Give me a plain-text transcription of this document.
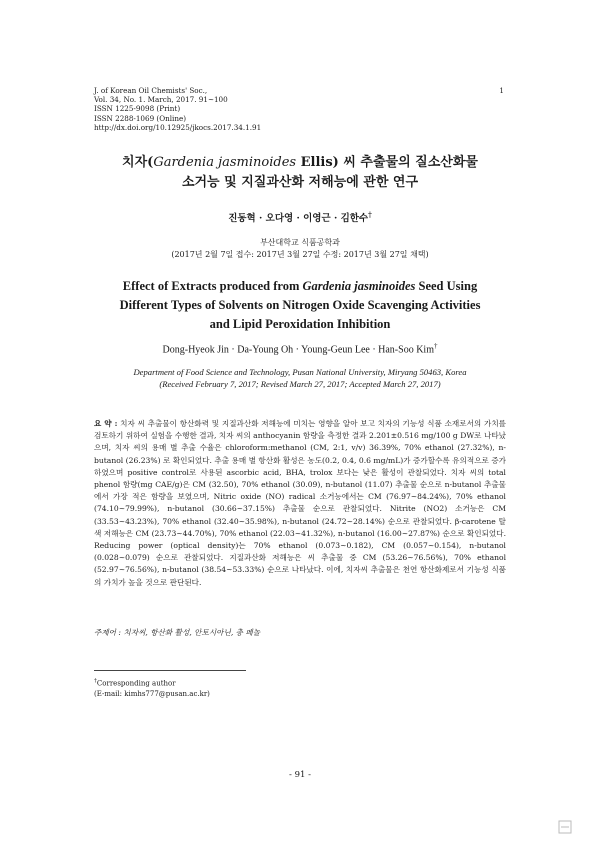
J. of Korean Oil Chemists' Soc.,
Vol. 34, No. 1. March, 2017. 91~100
ISSN 1225-9098 (Print)
ISSN 2288-1069 (Online)
http://dx.doi.org/10.12925/jkocs.2017.34.1.91
1
치자(Gardenia jasminoides Ellis) 씨 추출물의 질소산화물
소거능 및 지질과산화 저해능에 관한 연구
진동혁 · 오다영 · 이영근 · 김한수†
부산대학교 식품공학과
(2017년 2월 7일 접수: 2017년 3월 27일 수정: 2017년 3월 27일 채택)
Effect of Extracts produced from Gardenia jasminoides Seed Using
Different Types of Solvents on Nitrogen Oxide Scavenging Activities
and Lipid Peroxidation Inhibition
Dong-Hyeok Jin · Da-Young Oh · Young-Geun Lee · Han-Soo Kim†
Department of Food Science and Technology, Pusan National University, Miryang 50463, Korea
(Received February 7, 2017; Revised March 27, 2017; Accepted March 27, 2017)
요 약 : 치자 씨 추출물이 항산화력 및 지질과산화 저해능에 미치는 영향을 알아 보고 치자의 기능성 식품 소재로서의 가치를 검토하기 위하여 실험을 수행한 결과, 치자 씨의 anthocyanin 함량을 측정한 결과 2.201±0.516 mg/100 g DW로 나타났으며, 치자 씨의 용매 별 추출 수율은 chloroform:methanol (CM, 2:1, v/v) 36.39%, 70% ethanol (27.32%), n-butanol (26.23%) 로 확인되었다. 추출 용매 별 항산화 활성은 농도(0.2, 0.4, 0.6 mg/mL)가 증가할수록 유의적으로 증가하였으며 positive control로 사용된 ascorbic acid, BHA, trolox 보다는 낮은 활성이 관찰되었다. 치자 씨의 total phenol 함량(mg CAE/g)은 CM (32.50), 70% ethanol (30.09), n-butanol (11.07) 추출물 순으로 n-butanol 추출물에서 가장 적은 함량을 보였으며, Nitric oxide (NO) radical 소거능에서는 CM (76.97~84.24%), 70% ethanol (74.10~79.99%), n-butanol (30.66~37.15%) 추출물 순으로 관찰되었다. Nitrite (NO2) 소거능은 CM (33.53~43.23%), 70% ethanol (32.40~35.98%), n-butanol (24.72~28.14%) 순으로 관찰되었다. β-carotene 탈색 저해능은 CM (23.73~44.70%), 70% ethanol (22.03~41.32%), n-butanol (16.00~27.87%) 순으로 확인되었다. Reducing power (optical density)는 70% ethanol (0.073~0.182), CM (0.057~0.154), n-butanol (0.028~0.079) 순으로 관찰되었다. 지질과산화 저해능은 씨 추출물 중 CM (53.26~76.56%), 70% ethanol (52.97~76.56%), n-butanol (38.54~53.33%) 순으로 나타났다. 이에, 치자씨 추출물은 천연 항산화제로서 기능성 식품의 가치가 높을 것으로 판단된다.
주제어 : 치자씨, 항산화 활성, 안토시아닌, 총 페놀
†Corresponding author
(E-mail: kimhs777@pusan.ac.kr)
- 91 -
